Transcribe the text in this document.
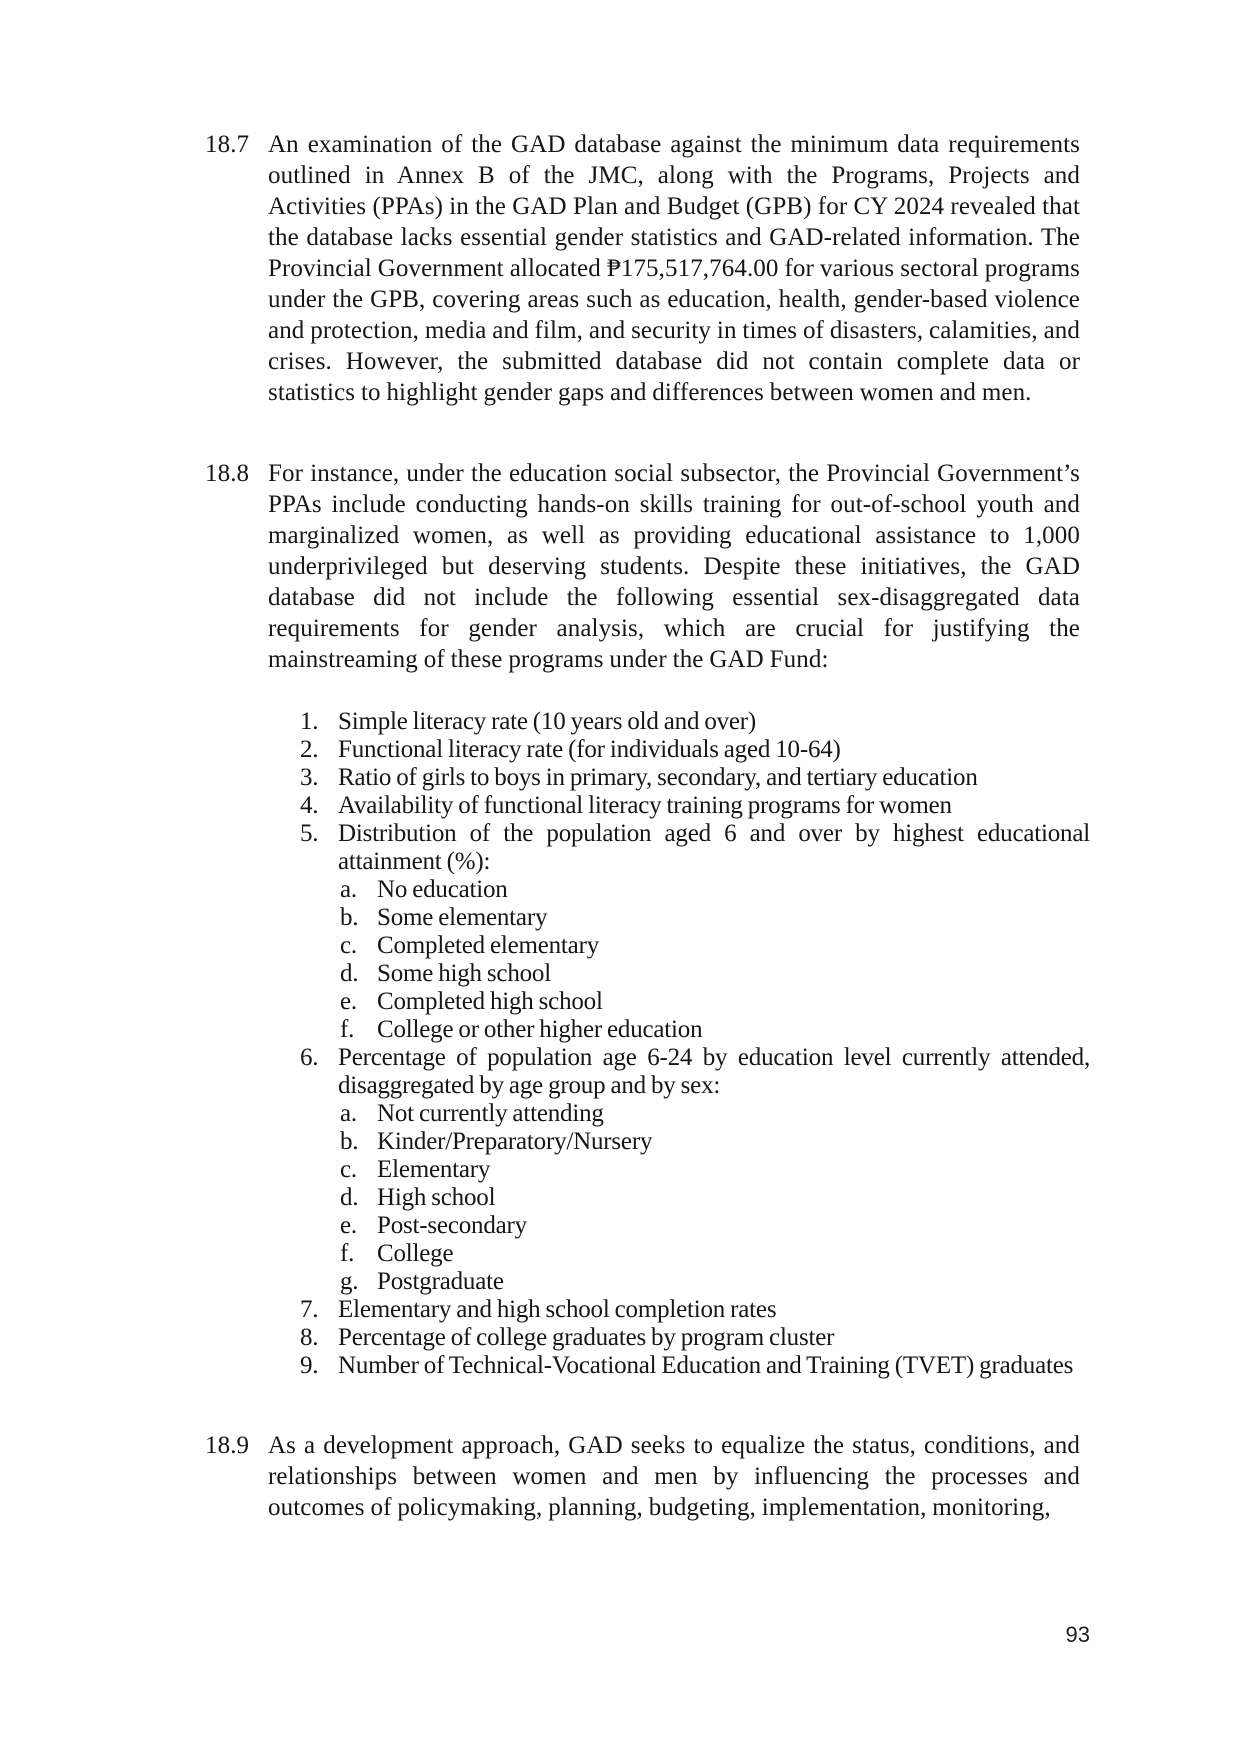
18.7 An examination of the GAD database against the minimum data requirements outlined in Annex B of the JMC, along with the Programs, Projects and Activities (PPAs) in the GAD Plan and Budget (GPB) for CY 2024 revealed that the database lacks essential gender statistics and GAD-related information. The Provincial Government allocated ₱175,517,764.00 for various sectoral programs under the GPB, covering areas such as education, health, gender-based violence and protection, media and film, and security in times of disasters, calamities, and crises. However, the submitted database did not contain complete data or statistics to highlight gender gaps and differences between women and men.

18.8 For instance, under the education social subsector, the Provincial Government’s PPAs include conducting hands-on skills training for out-of-school youth and marginalized women, as well as providing educational assistance to 1,000 underprivileged but deserving students. Despite these initiatives, the GAD database did not include the following essential sex-disaggregated data requirements for gender analysis, which are crucial for justifying the mainstreaming of these programs under the GAD Fund:

1. Simple literacy rate (10 years old and over)
2. Functional literacy rate (for individuals aged 10-64)
3. Ratio of girls to boys in primary, secondary, and tertiary education
4. Availability of functional literacy training programs for women
5. Distribution of the population aged 6 and over by highest educational attainment (%):
a. No education
b. Some elementary
c. Completed elementary
d. Some high school
e. Completed high school
f. College or other higher education
6. Percentage of population age 6-24 by education level currently attended, disaggregated by age group and by sex:
a. Not currently attending
b. Kinder/Preparatory/Nursery
c. Elementary
d. High school
e. Post-secondary
f. College
g. Postgraduate
7. Elementary and high school completion rates
8. Percentage of college graduates by program cluster
9. Number of Technical-Vocational Education and Training (TVET) graduates
18.9 As a development approach, GAD seeks to equalize the status, conditions, and relationships between women and men by influencing the processes and outcomes of policymaking, planning, budgeting, implementation, monitoring,

93
